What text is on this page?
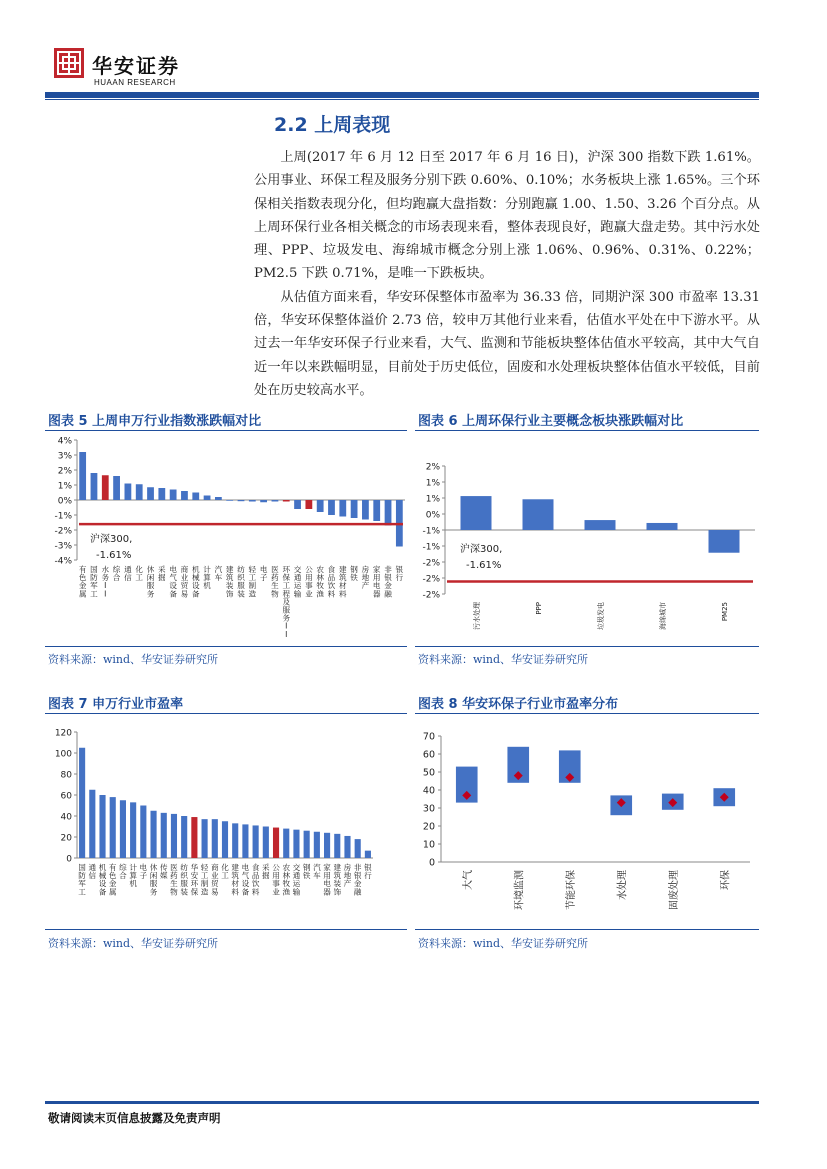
华安证券
HUAAN RESEARCH
2.2 上周表现

上周(2017 年 6 月 12 日至 2017 年 6 月 16 日)，沪深 300 指数下跌 1.61%。公用事业、环保工程及服务分别下跌 0.60%、0.10%；水务板块上涨 1.65%。三个环保相关指数表现分化，但均跑赢大盘指数：分别跑赢 1.00、1.50、3.26 个百分点。从上周环保行业各相关概念的市场表现来看，整体表现良好，跑赢大盘走势。其中污水处理、PPP、垃圾发电、海绵城市概念分别上涨 1.06%、0.96%、0.31%、0.22%；PM2.5 下跌 0.71%，是唯一下跌板块。

从估值方面来看，华安环保整体市盈率为 36.33 倍，同期沪深 300 市盈率 13.31 倍，华安环保整体溢价 2.73 倍，较申万其他行业来看，估值水平处在中下游水平。从过去一年华安环保子行业来看，大气、监测和节能板块整体估值水平较高，其中大气自近一年以来跌幅明显，目前处于历史低位，固废和水处理板块整体估值水平较低，目前处在历史较高水平。

图表 5 上周申万行业指数涨跌幅对比
4%
3%
2%
1%
0%
-1%
-2%
-3%
-4%
有色金属
国防军工
水务 I I
综合
通信
化工
休闲服务
采掘
电气设备
商业贸易
机械设备
计算机
汽车
建筑装饰
纺织服装
轻工制造
电子
医药生物
环保工程及服务 I I
交通运输
公用事业
农林牧渔
食品饮料
建筑材料
钢铁
房地产
家用电器
非银金融
银行
沪深300,
-1.61%
资料来源：wind、华安证券研究所
图表 6 上周环保行业主要概念板块涨跌幅对比
2%
1%
1%
0%
-1%
-1%
-2%
-2%
-2%
污水处理	PPP	垃圾发电	海绵城市	PM25
沪深300,
-1.61%
资料来源：wind、华安证券研究所
图表 7 申万行业市盈率
120
100
80
60
40
20
0
国防军工
通信
机械设备
有色金属
综合
计算机
电子
休闲服务
传媒
医药生物
纺织服装
华安环保
轻工制造
商业贸易
化工
建筑材料
电气设备
食品饮料
采掘
公用事业
农林牧渔
交通运输
钢铁
汽车
家用电器
建筑装饰
房地产
非银金融
银行
资料来源：wind、华安证券研究所
图表 8 华安环保子行业市盈率分布
70
60
50
40
30
20
10
0
大气	环境监测	节能环保	水处理	固废处理	环保
资料来源：wind、华安证券研究所
敬请阅读末页信息披露及免责声明
